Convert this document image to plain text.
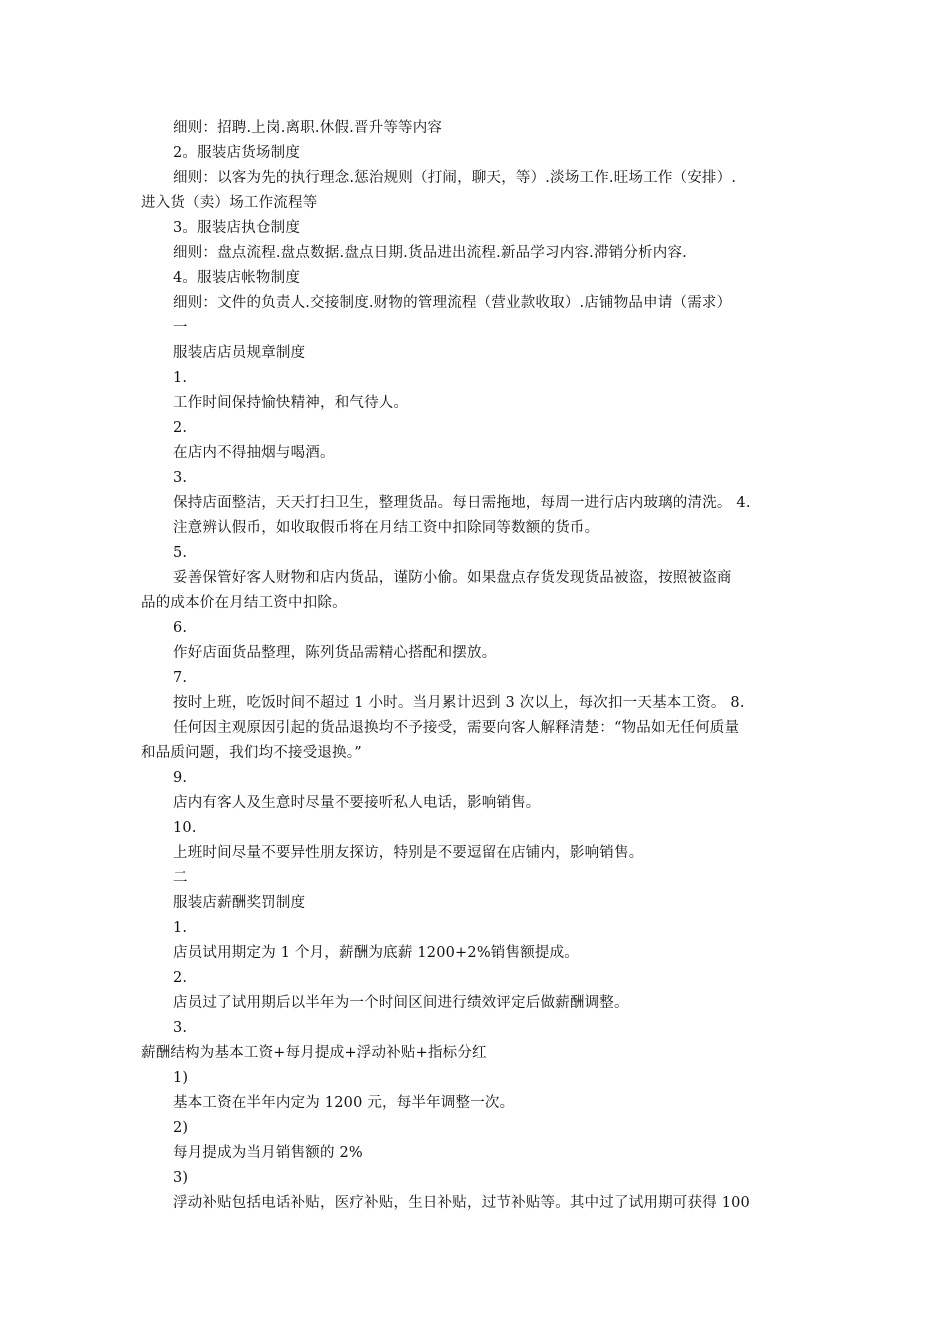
细则：招聘.上岗.离职.休假.晋升等等内容
2。服装店货场制度
细则：以客为先的执行理念.惩治规则（打闹，聊天，等）.淡场工作.旺场工作（安排）.
进入货（卖）场工作流程等
3。服装店执仓制度
细则：盘点流程.盘点数据.盘点日期.货品进出流程.新品学习内容.滞销分析内容.
4。服装店帐物制度
细则：文件的负责人.交接制度.财物的管理流程（营业款收取）.店铺物品申请（需求）
一
服装店店员规章制度
1.
工作时间保持愉快精神，和气待人。
2.
在店内不得抽烟与喝酒。
3.
保持店面整洁，天天打扫卫生，整理货品。每日需拖地，每周一进行店内玻璃的清洗。 4.
注意辨认假币，如收取假币将在月结工资中扣除同等数额的货币。
5.
妥善保管好客人财物和店内货品，谨防小偷。如果盘点存货发现货品被盗，按照被盗商
品的成本价在月结工资中扣除。
6.
作好店面货品整理，陈列货品需精心搭配和摆放。
7.
按时上班，吃饭时间不超过 1 小时。当月累计迟到 3 次以上，每次扣一天基本工资。 8.
任何因主观原因引起的货品退换均不予接受，需要向客人解释清楚：“物品如无任何质量
和品质问题，我们均不接受退换。”
9.
店内有客人及生意时尽量不要接听私人电话，影响销售。
10.
上班时间尽量不要异性朋友探访，特别是不要逗留在店铺内，影响销售。
二
服装店薪酬奖罚制度
1.
店员试用期定为 1 个月，薪酬为底薪 1200+2%销售额提成。
2.
店员过了试用期后以半年为一个时间区间进行绩效评定后做薪酬调整。
3.
薪酬结构为基本工资+每月提成+浮动补贴+指标分红
1)
基本工资在半年内定为 1200 元，每半年调整一次。
2)
每月提成为当月销售额的 2%
3)
浮动补贴包括电话补贴，医疗补贴，生日补贴，过节补贴等。其中过了试用期可获得 100
